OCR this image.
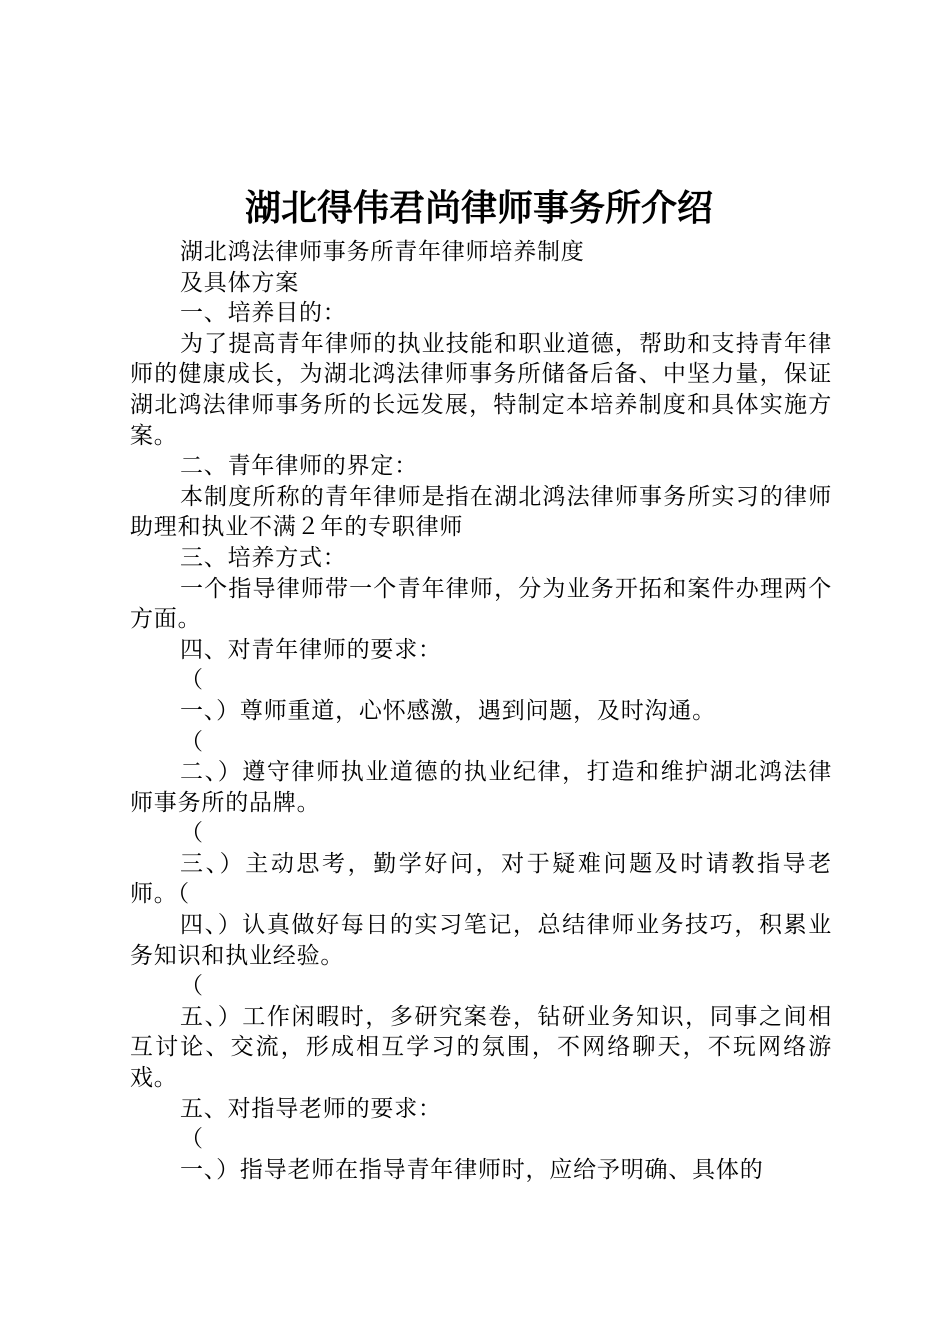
湖北得伟君尚律师事务所介绍

湖北鸿法律师事务所青年律师培养制度

及具体方案

一、培养目的：

为了提高青年律师的执业技能和职业道德，帮助和支持青年律师的健康成长，为湖北鸿法律师事务所储备后备、中坚力量，保证湖北鸿法律师事务所的长远发展，特制定本培养制度和具体实施方案。

二、青年律师的界定：

本制度所称的青年律师是指在湖北鸿法律师事务所实习的律师助理和执业不满２年的专职律师

三、培养方式：

一个指导律师带一个青年律师，分为业务开拓和案件办理两个方面。

四、对青年律师的要求：

（

一、）尊师重道，心怀感激，遇到问题，及时沟通。

（

二、）遵守律师执业道德的执业纪律，打造和维护湖北鸿法律师事务所的品牌。

（

三、）主动思考，勤学好问，对于疑难问题及时请教指导老师。（

四、）认真做好每日的实习笔记，总结律师业务技巧，积累业务知识和执业经验。

（

五、）工作闲暇时，多研究案卷，钻研业务知识，同事之间相互讨论、交流，形成相互学习的氛围，不网络聊天，不玩网络游戏。

五、对指导老师的要求：

（

一、）指导老师在指导青年律师时，应给予明确、具体的
